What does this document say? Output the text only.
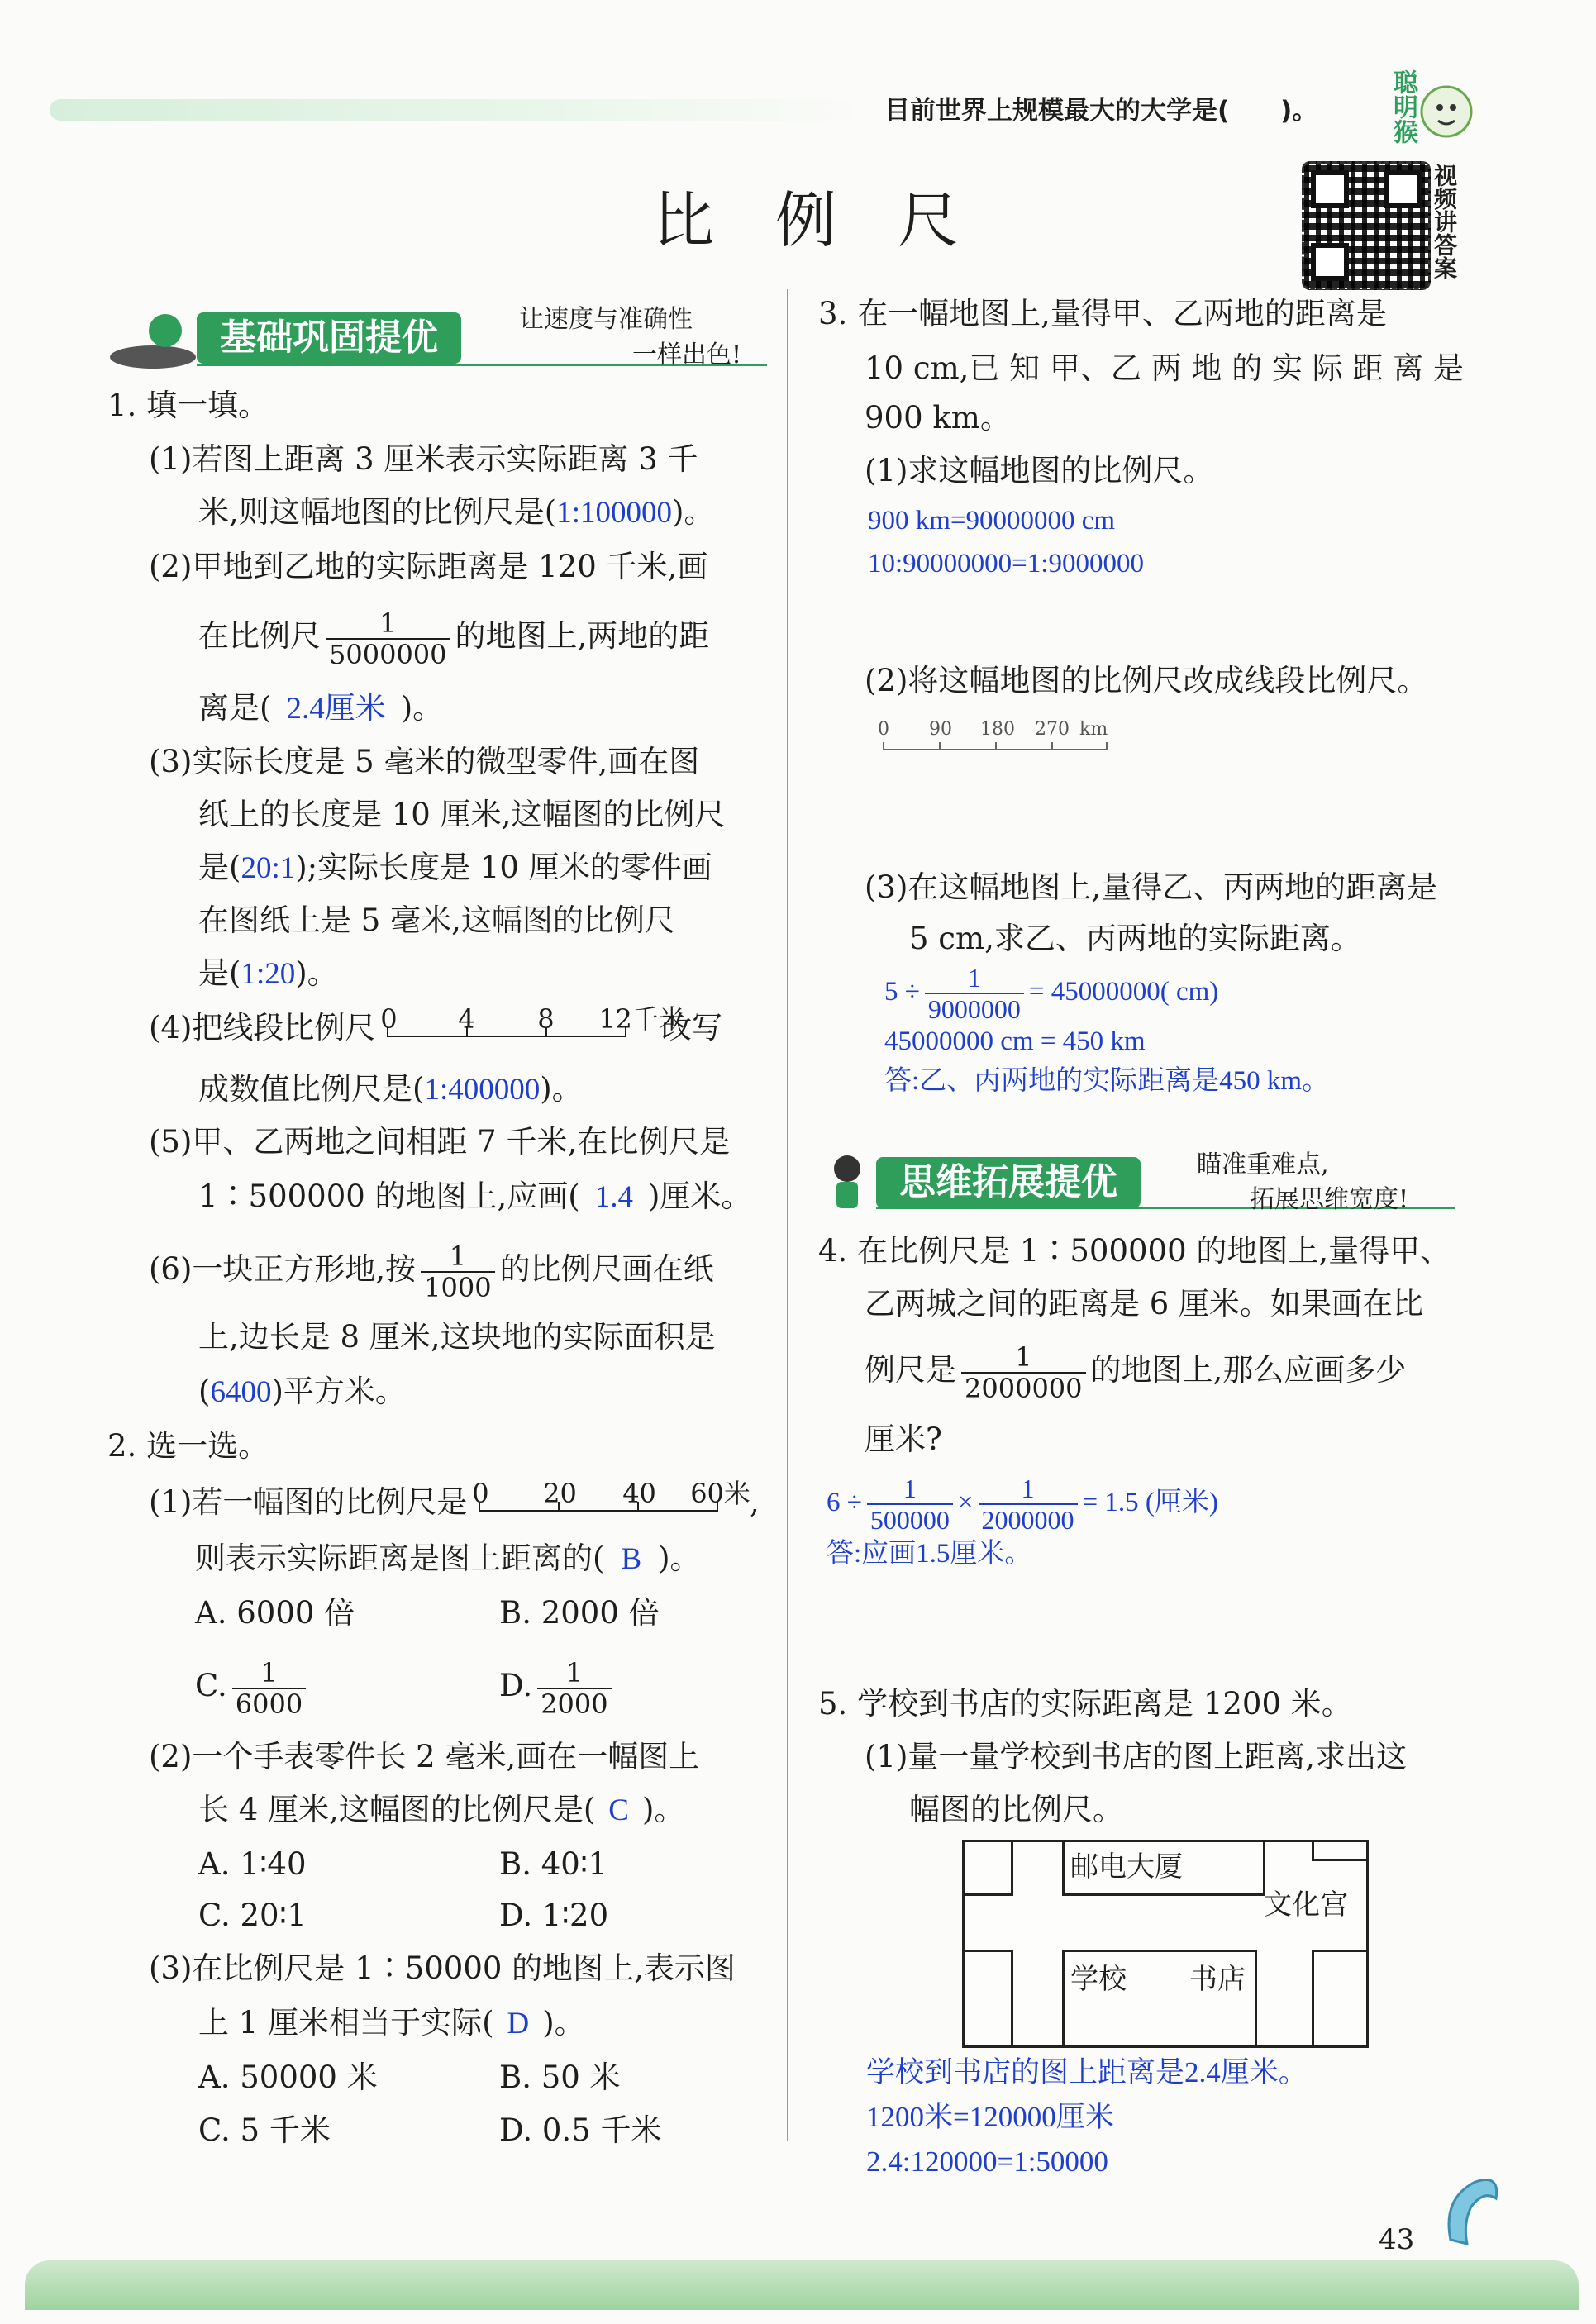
目前世界上规模最大的大学是(　　)。	聪明猴
视频讲答案
比　例　尺
基础巩固提优	让速度与准确性
一样出色!
1. 填一填。
(1)若图上距离 3 厘米表示实际距离 3 千
米,则这幅地图的比例尺是(1:100000)。
(2)甲地到乙地的实际距离是 120 千米,画
在比例尺 $\frac{1}{5000000}$ 的地图上,两地的距
离是( 2.4厘米 )。
(3)实际长度是 5 毫米的微型零件,画在图
纸上的长度是 10 厘米,这幅图的比例尺
是(20:1);实际长度是 10 厘米的零件画
在图纸上是 5 毫米,这幅图的比例尺
是(1:20)。
(4)把线段比例尺 0 4 8 12千米
改写
成数值比例尺是(1:400000)。
(5)甲、乙两地之间相距 7 千米,在比例尺是
1∶500000 的地图上,应画( 1.4 )厘米。
(6)一块正方形地,按 $\frac{1}{1000}$ 的比例尺画在纸
上,边长是 8 厘米,这块地的实际面积是
(6400)平方米。
2. 选一选。
(1)若一幅图的比例尺是 0 20 40 60米 ,
则表示实际距离是图上距离的( B )。
A. 6000 倍	B. 2000 倍
C. $\frac{1}{6000}$	D. $\frac{1}{2000}$
(2)一个手表零件长 2 毫米,画在一幅图上
长 4 厘米,这幅图的比例尺是( C )。
A. 1∶40	B. 40∶1
C. 20∶1	D. 1∶20
(3)在比例尺是 1∶50000 的地图上,表示图
上 1 厘米相当于实际( D )。
A. 50000 米	B. 50 米
C. 5 千米	D. 0.5 千米
3. 在一幅地图上,量得甲、乙两地的距离是
10 cm,已 知 甲、乙 两 地 的 实 际 距 离 是
900 km。
(1)求这幅地图的比例尺。
900 km=90000000 cm
10:90000000=1:9000000
(2)将这幅地图的比例尺改成线段比例尺。
0 90 180 270 km
(3)在这幅地图上,量得乙、丙两地的距离是
5 cm,求乙、丙两地的实际距离。
$5 \div \frac{1}{9000000} = 45000000$( cm)
45000000 cm = 450 km
答:乙、丙两地的实际距离是450 km。
思维拓展提优	瞄准重难点,
拓展思维宽度!
4. 在比例尺是 1∶500000 的地图上,量得甲、
乙两城之间的距离是 6 厘米。如果画在比
例尺是 $\frac{1}{2000000}$ 的地图上,那么应画多少
厘米?
$6 \div \frac{1}{500000} \times \frac{1}{2000000} = 1.5$ (厘米)
答:应画1.5厘米。
5. 学校到书店的实际距离是 1200 米。
(1)量一量学校到书店的图上距离,求出这
幅图的比例尺。
邮电大厦
文化宫
学校 书店
学校到书店的图上距离是2.4厘米。
1200米=120000厘米
2.4:120000=1:50000
43
